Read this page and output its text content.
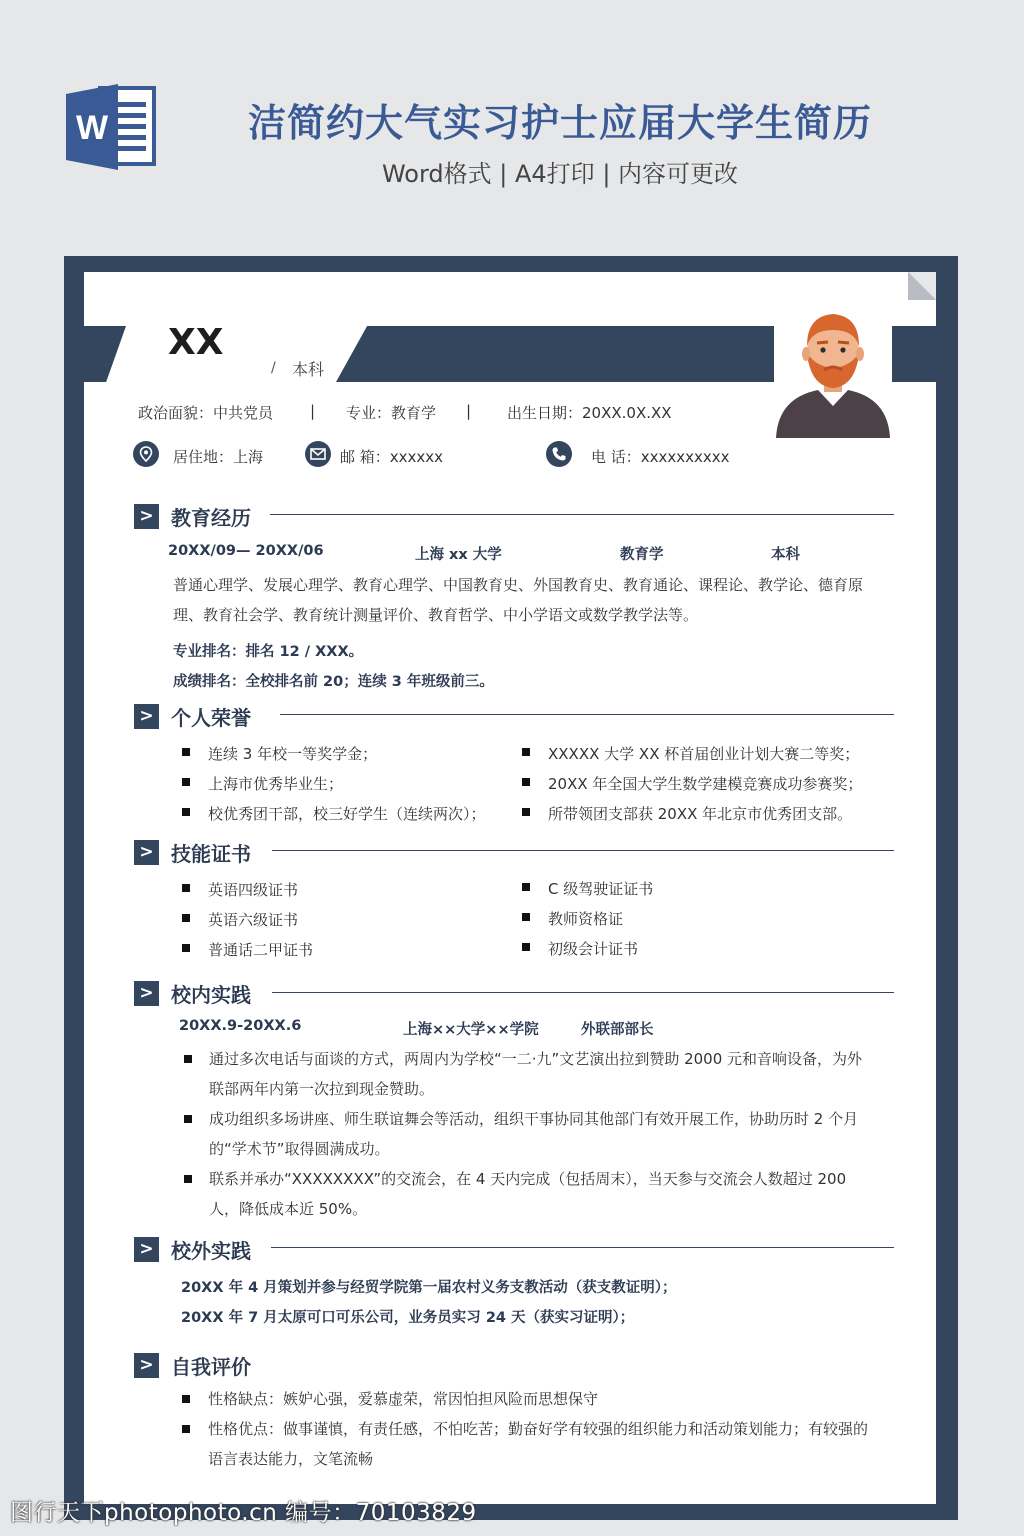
W	洁简约大气实习护士应届大学生简历
Word格式 | A4打印 | 内容可更改
XX
/ 本科
政治面貌：中共党员 | 专业：教育学 | 出生日期：20XX.0X.XX
居住地：上海	邮 箱：xxxxxx	电 话：xxxxxxxxxx
> 教育经历
20XX/09— 20XX/06	上海 xx 大学	教育学	本科
普通心理学、发展心理学、教育心理学、中国教育史、外国教育史、教育通论、课程论、教学论、德育原理、教育社会学、教育统计测量评价、教育哲学、中小学语文或数学教学法等。
专业排名：排名 12 / XXX。
成绩排名：全校排名前 20；连续 3 年班级前三。
> 个人荣誉
连续 3 年校一等奖学金；
上海市优秀毕业生；
校优秀团干部，校三好学生（连续两次）；
XXXXX 大学 XX 杯首届创业计划大赛二等奖；
20XX 年全国大学生数学建模竞赛成功参赛奖；
所带领团支部获 20XX 年北京市优秀团支部。
> 技能证书
英语四级证书
英语六级证书
普通话二甲证书
C 级驾驶证证书
教师资格证
初级会计证书
> 校内实践
20XX.9-20XX.6	上海××大学××学院	外联部部长
通过多次电话与面谈的方式，两周内为学校“一二·九”文艺演出拉到赞助 2000 元和音响设备，为外联部两年内第一次拉到现金赞助。
成功组织多场讲座、师生联谊舞会等活动，组织干事协同其他部门有效开展工作，协助历时 2 个月的“学术节”取得圆满成功。
联系并承办“XXXXXXXX”的交流会，在 4 天内完成（包括周末），当天参与交流会人数超过 200 人，降低成本近 50%。
> 校外实践
20XX 年 4 月策划并参与经贸学院第一届农村义务支教活动（获支教证明）；
20XX 年 7 月太原可口可乐公司，业务员实习 24 天（获实习证明）；
> 自我评价
性格缺点：嫉妒心强，爱慕虚荣，常因怕担风险而思想保守
性格优点：做事谨慎，有责任感，不怕吃苦；勤奋好学有较强的组织能力和活动策划能力；有较强的语言表达能力，文笔流畅
图行天下photophoto.cn 编号：70103829
